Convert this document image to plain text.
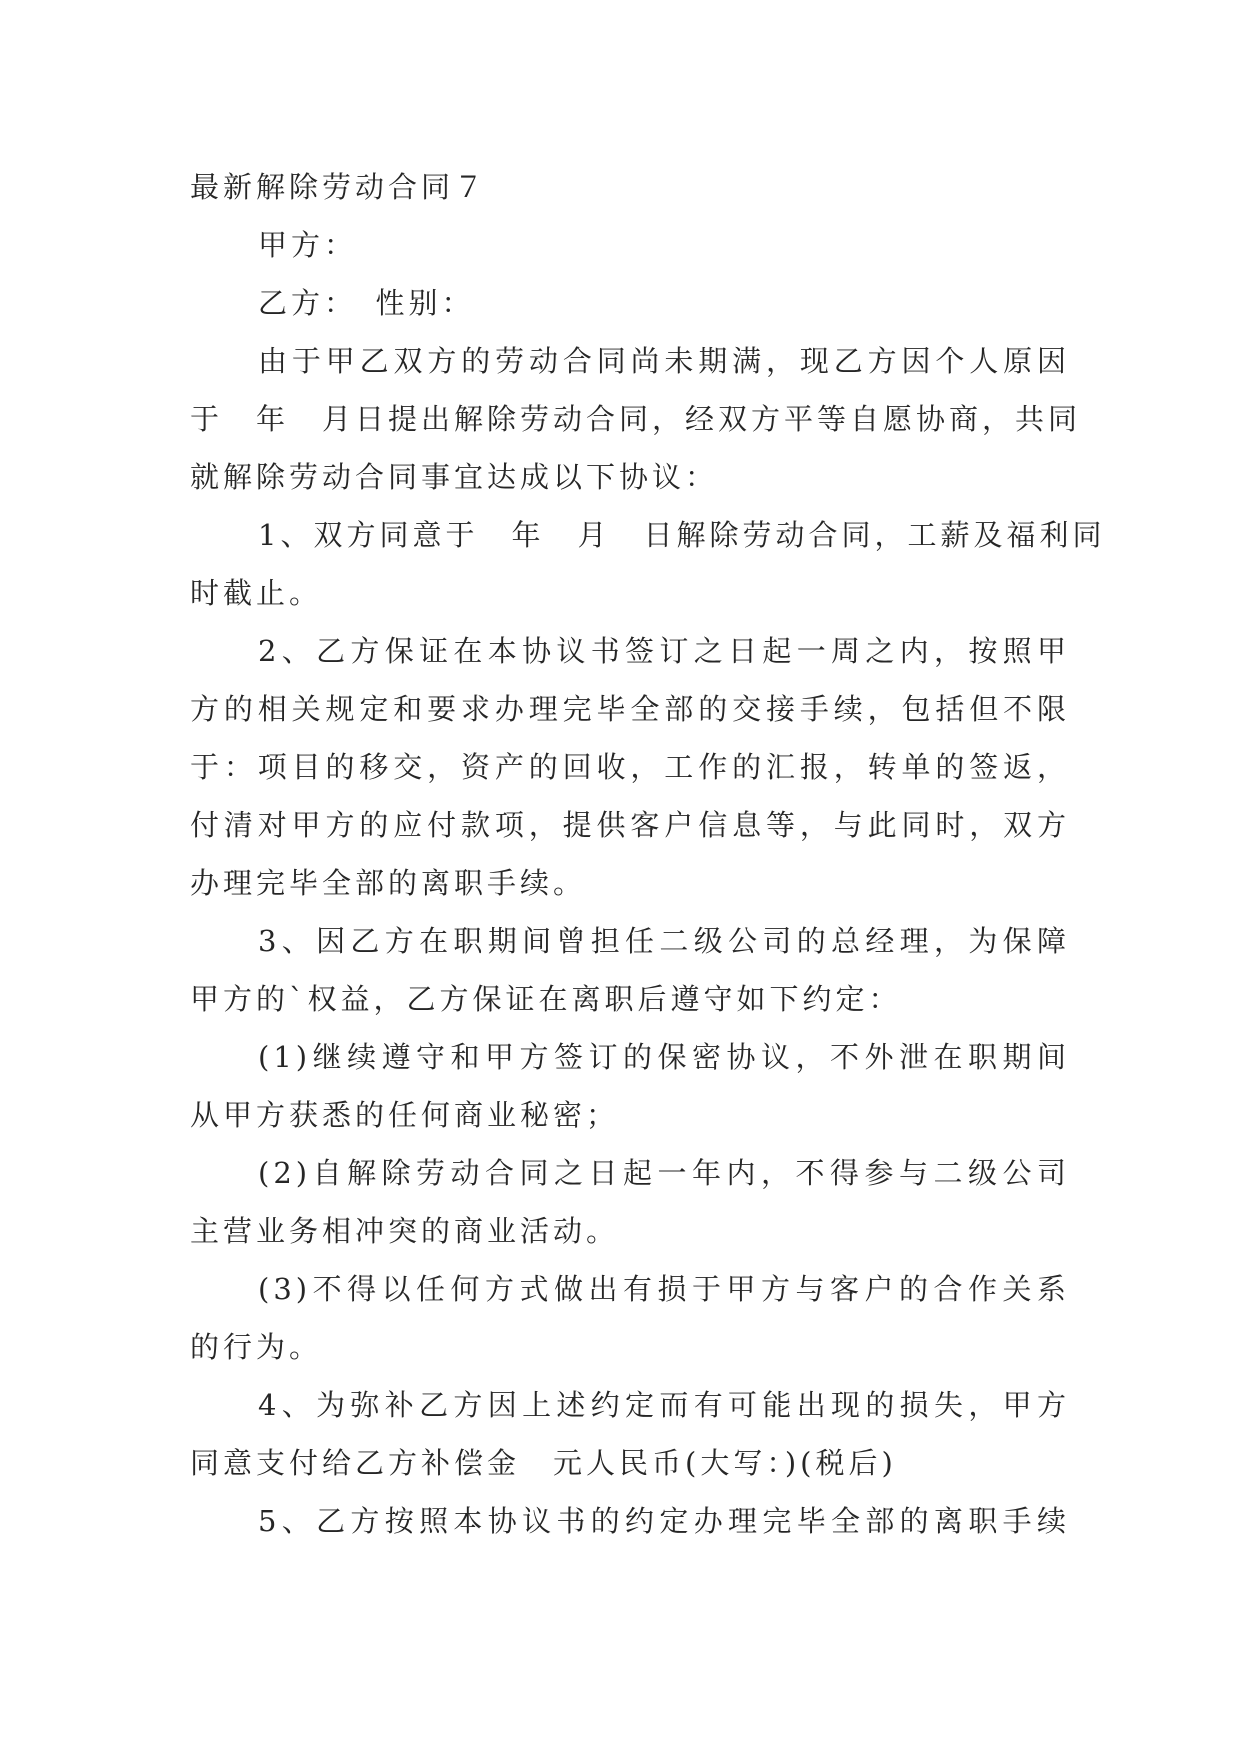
最新解除劳动合同７
甲方：
乙方：　性别：
由于甲乙双方的劳动合同尚未期满，现乙方因个人原因
于　年　月日提出解除劳动合同，经双方平等自愿协商，共同
就解除劳动合同事宜达成以下协议：
1、双方同意于　年　月　日解除劳动合同，工薪及福利同
时截止。
2、乙方保证在本协议书签订之日起一周之内，按照甲
方的相关规定和要求办理完毕全部的交接手续，包括但不限
于：项目的移交，资产的回收，工作的汇报，转单的签返，
付清对甲方的应付款项，提供客户信息等，与此同时，双方
办理完毕全部的离职手续。
3、因乙方在职期间曾担任二级公司的总经理，为保障
甲方的`权益，乙方保证在离职后遵守如下约定：
(1)继续遵守和甲方签订的保密协议，不外泄在职期间
从甲方获悉的任何商业秘密；
(2)自解除劳动合同之日起一年内，不得参与二级公司
主营业务相冲突的商业活动。
(3)不得以任何方式做出有损于甲方与客户的合作关系
的行为。
4、为弥补乙方因上述约定而有可能出现的损失，甲方
同意支付给乙方补偿金　元人民币(大写：)(税后)
5、乙方按照本协议书的约定办理完毕全部的离职手续
